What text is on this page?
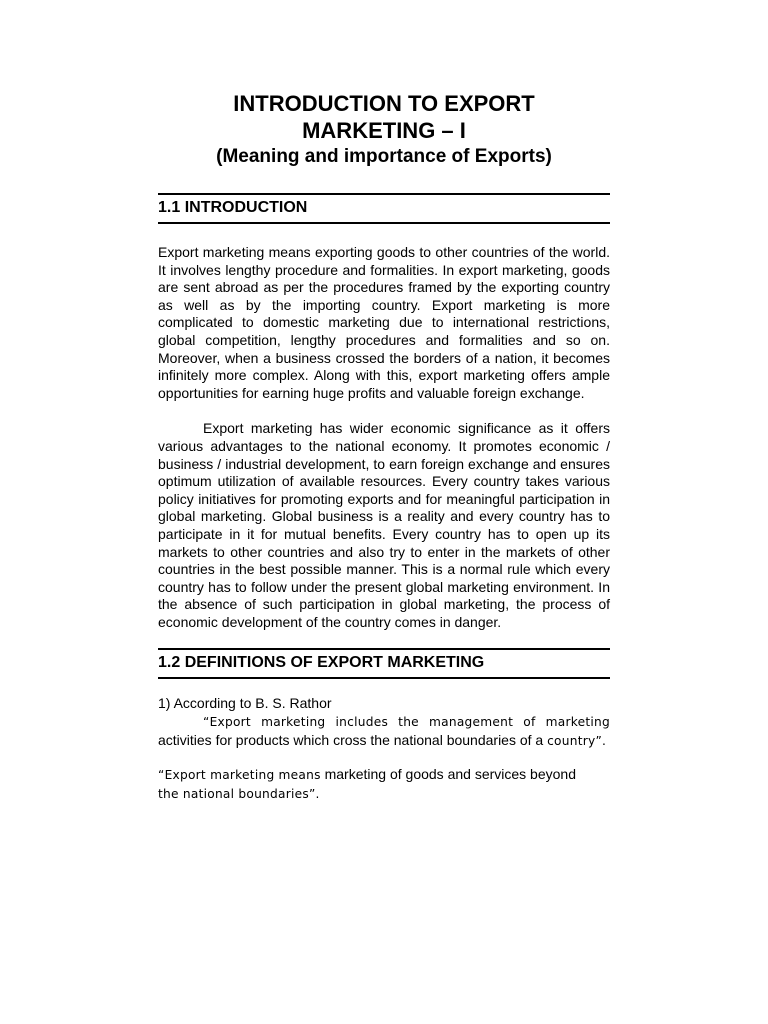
INTRODUCTION TO EXPORT
MARKETING – I
(Meaning and importance of Exports)
1.1 INTRODUCTION

Export marketing means exporting goods to other countries of the world. It involves lengthy procedure and formalities. In export marketing, goods are sent abroad as per the procedures framed by the exporting country as well as by the importing country. Export marketing is more complicated to domestic marketing due to international restrictions, global competition, lengthy procedures and formalities and so on. Moreover, when a business crossed the borders of a nation, it becomes infinitely more complex. Along with this, export marketing offers ample opportunities for earning huge profits and valuable foreign exchange.

Export marketing has wider economic significance as it offers various advantages to the national economy. It promotes economic / business / industrial development, to earn foreign exchange and ensures optimum utilization of available resources. Every country takes various policy initiatives for promoting exports and for meaningful participation in global marketing. Global business is a reality and every country has to participate in it for mutual benefits. Every country has to open up its markets to other countries and also try to enter in the markets of other countries in the best possible manner. This is a normal rule which every country has to follow under the present global marketing environment. In the absence of such participation in global marketing, the process of economic development of the country comes in danger.

1.2 DEFINITIONS OF EXPORT MARKETING

1) According to B. S. Rathor

“Export marketing includes the management of marketing activities for products which cross the national boundaries of a country”.

“Export marketing means marketing of goods and services beyond
the national boundaries”.
